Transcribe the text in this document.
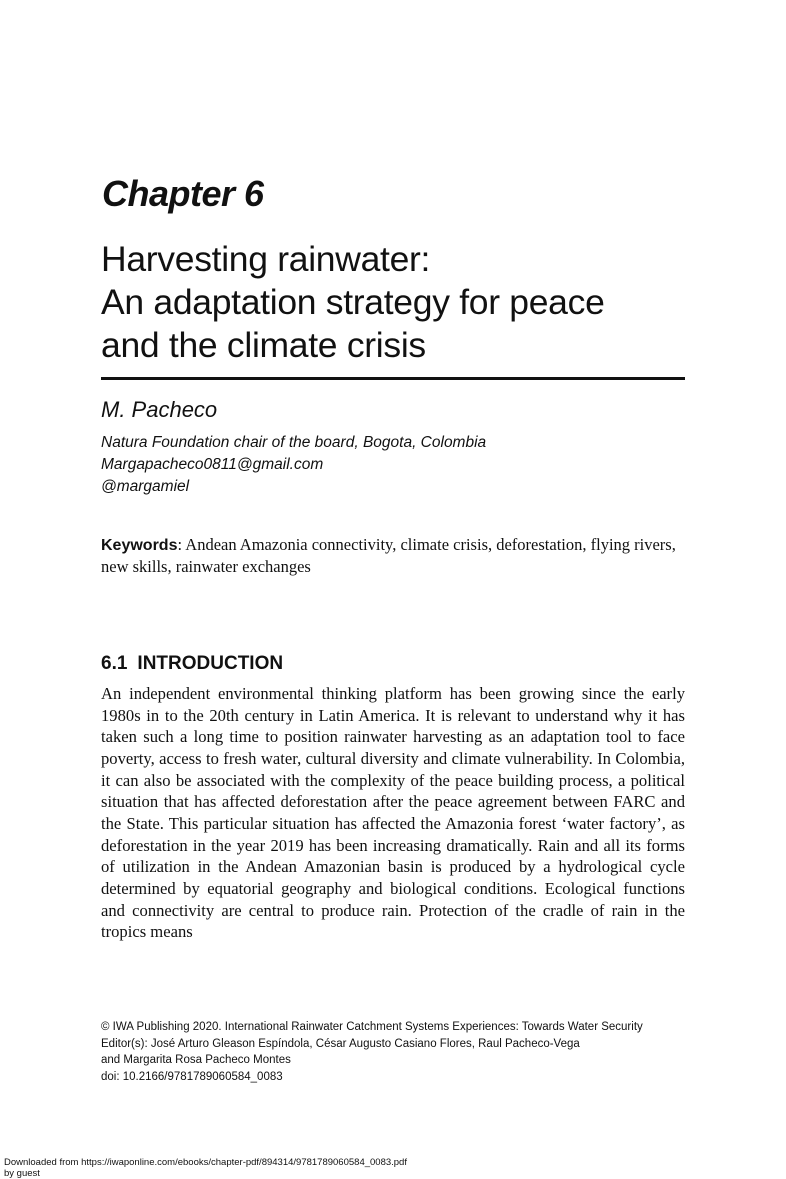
Chapter 6
Harvesting rainwater:
An adaptation strategy for peace
and the climate crisis
M. Pacheco
Natura Foundation chair of the board, Bogota, Colombia
Margapacheco0811@gmail.com
@margamiel
Keywords: Andean Amazonia connectivity, climate crisis, deforestation, flying rivers, new skills, rainwater exchanges
6.1 INTRODUCTION
An independent environmental thinking platform has been growing since the early 1980s in to the 20th century in Latin America. It is relevant to understand why it has taken such a long time to position rainwater harvesting as an adaptation tool to face poverty, access to fresh water, cultural diversity and climate vulnerability. In Colombia, it can also be associated with the complexity of the peace building process, a political situation that has affected deforestation after the peace agreement between FARC and the State. This particular situation has affected the Amazonia forest ‘water factory’, as deforestation in the year 2019 has been increasing dramatically. Rain and all its forms of utilization in the Andean Amazonian basin is produced by a hydrological cycle determined by equatorial geography and biological conditions. Ecological functions and connectivity are central to produce rain. Protection of the cradle of rain in the tropics means
© IWA Publishing 2020. International Rainwater Catchment Systems Experiences: Towards Water Security
Editor(s): José Arturo Gleason Espíndola, César Augusto Casiano Flores, Raul Pacheco-Vega
and Margarita Rosa Pacheco Montes
doi: 10.2166/9781789060584_0083
Downloaded from https://iwaponline.com/ebooks/chapter-pdf/894314/9781789060584_0083.pdf
by guest
